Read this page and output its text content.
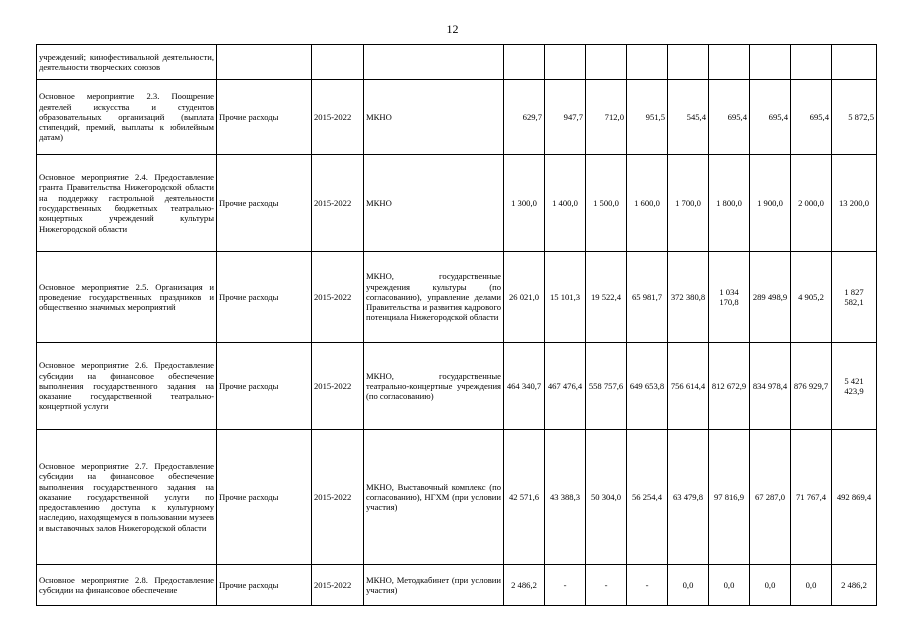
12
учреждений; кинофестивальной деятельности, деятельности творческих союзов												
Основное мероприятие 2.3. Поощрение деятелей искусства и студентов образовательных организаций (выплата стипендий, премий, выплаты к юбилейным датам)	Прочие расходы	2015-2022	МКНО	629,7	947,7	712,0	951,5	545,4	695,4	695,4	695,4	5 872,5
Основное мероприятие 2.4. Предоставление гранта Правительства Нижегородской области на поддержку гастрольной деятельности государственных бюджетных театрально-концертных учреждений культуры Нижегородской области	Прочие расходы	2015-2022	МКНО	1 300,0	1 400,0	1 500,0	1 600,0	1 700,0	1 800,0	1 900,0	2 000,0	13 200,0
Основное мероприятие 2.5. Организация и проведение государственных праздников и общественно значимых мероприятий	Прочие расходы	2015-2022	МКНО, государственные учреждения культуры (по согласованию), управление делами Правительства и развития кадрового потенциала Нижегородской области	26 021,0	15 101,3	19 522,4	65 981,7	372 380,8	1 034 170,8	289 498,9	4 905,2	1 827 582,1
Основное мероприятие 2.6. Предоставление субсидии на финансовое обеспечение выполнения государственного задания на оказание государственной театрально-концертной услуги	Прочие расходы	2015-2022	МКНО, государственные театрально-концертные учреждения (по согласованию)	464 340,7	467 476,4	558 757,6	649 653,8	756 614,4	812 672,9	834 978,4	876 929,7	5 421 423,9
Основное мероприятие 2.7. Предоставление субсидии на финансовое обеспечение выполнения государственного задания на оказание государственной услуги по предоставлению доступа к культурному наследию, находящемуся в пользовании музеев и выставочных залов Нижегородской области	Прочие расходы	2015-2022	МКНО, Выставочный комплекс (по согласованию), НГХМ (при условии участия)	42 571,6	43 388,3	50 304,0	56 254,4	63 479,8	97 816,9	67 287,0	71 767,4	492 869,4
Основное мероприятие 2.8. Предоставление субсидии на финансовое обеспечение	Прочие расходы	2015-2022	МКНО, Методкабинет (при условии участия)	2 486,2	-	-	-	0,0	0,0	0,0	0,0	2 486,2
